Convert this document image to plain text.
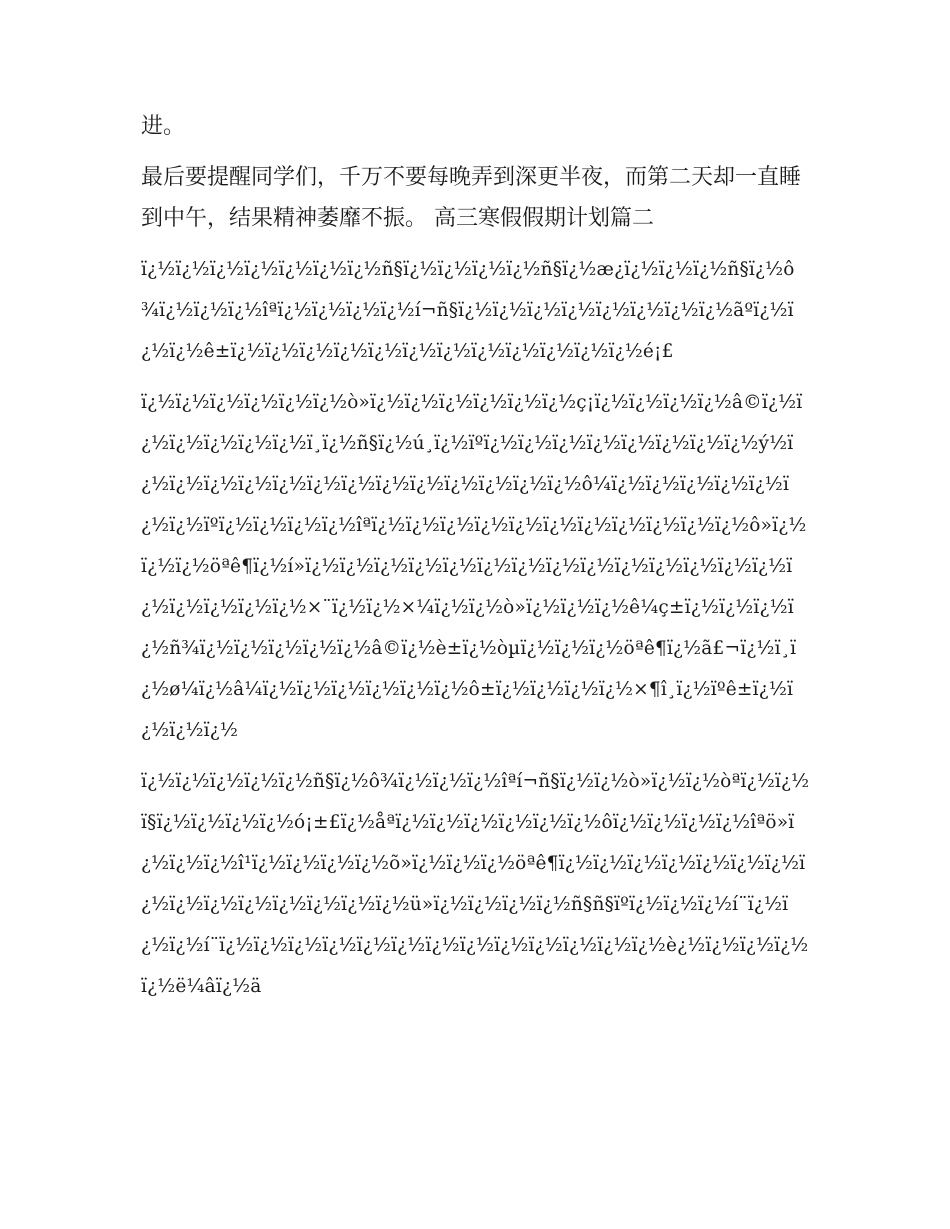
进。

最后要提醒同学们，千万不要每晚弄到深更半夜，而第二天却一直睡到中午，结果精神萎靡不振。 高三寒假假期计划篇二

ï¿½ï¿½ï¿½ï¿½ï¿½ï¿½ï¿½ñ§ï¿½ï¿½ï¿½ï¿½ñ§ï¿½æ¿ï¿½ï¿½ï¿½ñ§ï¿½ô¾ï¿½ï¿½ï¿½îªï¿½ï¿½ï¿½ï¿½í¬ñ§ï¿½ï¿½ï¿½ï¿½ï¿½ï¿½ï¿½ï¿½ãºï¿½ï¿½ï¿½ê±ï¿½ï¿½ï¿½ï¿½ï¿½ï¿½ï¿½ï¿½ï¿½ï¿½ï¿½ï¿½é¡£

ï¿½ï¿½ï¿½ï¿½ï¿½ï¿½ò»ï¿½ï¿½ï¿½ï¿½ï¿½ï¿½ç¡ï¿½ï¿½ï¿½ï¿½â©ï¿½ï¿½ï¿½ï¿½ï¿½ï¿½ï¸ï¿½ñ§ï¿½ú¸ï¿½ïºï¿½ï¿½ï¿½ï¿½ï¿½ï¿½ï¿½ï¿½ý½ï¿½ï¿½ï¿½ï¿½ï¿½ï¿½ï¿½ï¿½ï¿½ï¿½ï¿½ï¿½ï¿½ô¼ï¿½ï¿½ï¿½ï¿½ï¿½ï¿½ï¿½ïºï¿½ï¿½ï¿½ï¿½îªï¿½ï¿½ï¿½ï¿½ï¿½ï¿½ï¿½ï¿½ï¿½ï¿½ï¿½ô»ï¿½ï¿½ï¿½öªê¶ï¿½í»ï¿½ï¿½ï¿½ï¿½ï¿½ï¿½ï¿½ï¿½ï¿½ï¿½ï¿½ï¿½ï¿½ï¿½ï¿½ï¿½ï¿½ï¿½ï¿½×¨ï¿½ï¿½×¼ï¿½ï¿½ò»ï¿½ï¿½ï¿½ê¼ç±ï¿½ï¿½ï¿½ï¿½ñ¾ï¿½ï¿½ï¿½ï¿½ï¿½â©ï¿½è±ï¿½òµï¿½ï¿½ï¿½öªê¶ï¿½ã£¬ï¿½ï¸ï¿½ø¼ï¿½â¼ï¿½ï¿½ï¿½ï¿½ï¿½ï¿½ô±ï¿½ï¿½ï¿½ï¿½×¶î¸ï¿½ïºê±ï¿½ï¿½ï¿½ï¿½

ï¿½ï¿½ï¿½ï¿½ï¿½ñ§ï¿½ô¾ï¿½ï¿½ï¿½îªí¬ñ§ï¿½ï¿½ò»ï¿½ï¿½òªï¿½ï¿½ï§ï¿½ï¿½ï¿½ï¿½ó¡±£ï¿½åªï¿½ï¿½ï¿½ï¿½ï¿½ï¿½ôï¿½ï¿½ï¿½ï¿½îªö»ï¿½ï¿½ï¿½î¹ï¿½ï¿½ï¿½ï¿½õ»ï¿½ï¿½ï¿½öªê¶ï¿½ï¿½ï¿½ï¿½ï¿½ï¿½ï¿½ï¿½ï¿½ï¿½ï¿½ï¿½ï¿½ï¿½ï¿½ü»ï¿½ï¿½ï¿½ï¿½ñ§ñ§ïºï¿½ï¿½ï¿½í¨ï¿½ï¿½ï¿½í¨ï¿½ï¿½ï¿½ï¿½ï¿½ï¿½ï¿½ï¿½ï¿½ï¿½ï¿½ï¿½ï¿½è¿½ï¿½ï¿½ï¿½ï¿½ë¼âï¿½ä
